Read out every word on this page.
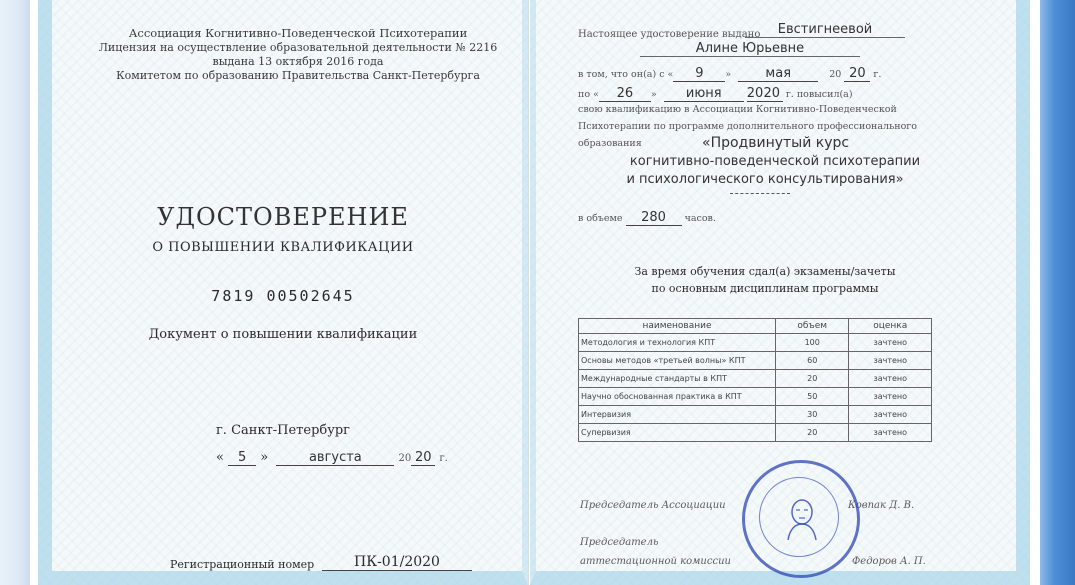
Ассоциация Когнитивно-Поведенческой Психотерапии
Лицензия на осуществление образовательной деятельности № 2216
выдана 13 октября 2016 года
Комитетом по образованию Правительства Санкт-Петербурга
УДОСТОВЕРЕНИЕ
О ПОВЫШЕНИИ КВАЛИФИКАЦИИ
7819 00502645
Документ о повышении квалификации
г. Санкт-Петербург
« 5 »	августа	20 20 г.
Регистрационный номер	ПК-01/2020
Настоящее удостоверение выдано	Евстигнеевой
Алине Юрьевне
в том, что он(а) с « 9 » мая	20 20 г.
по « 26 » июня 2020 г. повысил(а)
свою квалификацию в Ассоциации Когнитивно-Поведенческой
Психотерапии по программе дополнительного профессионального
образования	«Продвинутый курс
когнитивно-поведенческой психотерапии
и психологического консультирования»
в объеме 280 часов.
За время обучения сдал(а) экзамены/зачеты
по основным дисциплинам программы
наименование	объем	оценка
Методология и технология КПТ	100	зачтено
Основы методов «третьей волны» КПТ	60	зачтено
Международные стандарты в КПТ	20	зачтено
Научно обоснованная практика в КПТ	50	зачтено
Интервизия	30	зачтено
Супервизия	20	зачтено
Председатель Ассоциации	Ковпак Д. В.
Председатель
аттестационной комиссии	Федоров А. П.
